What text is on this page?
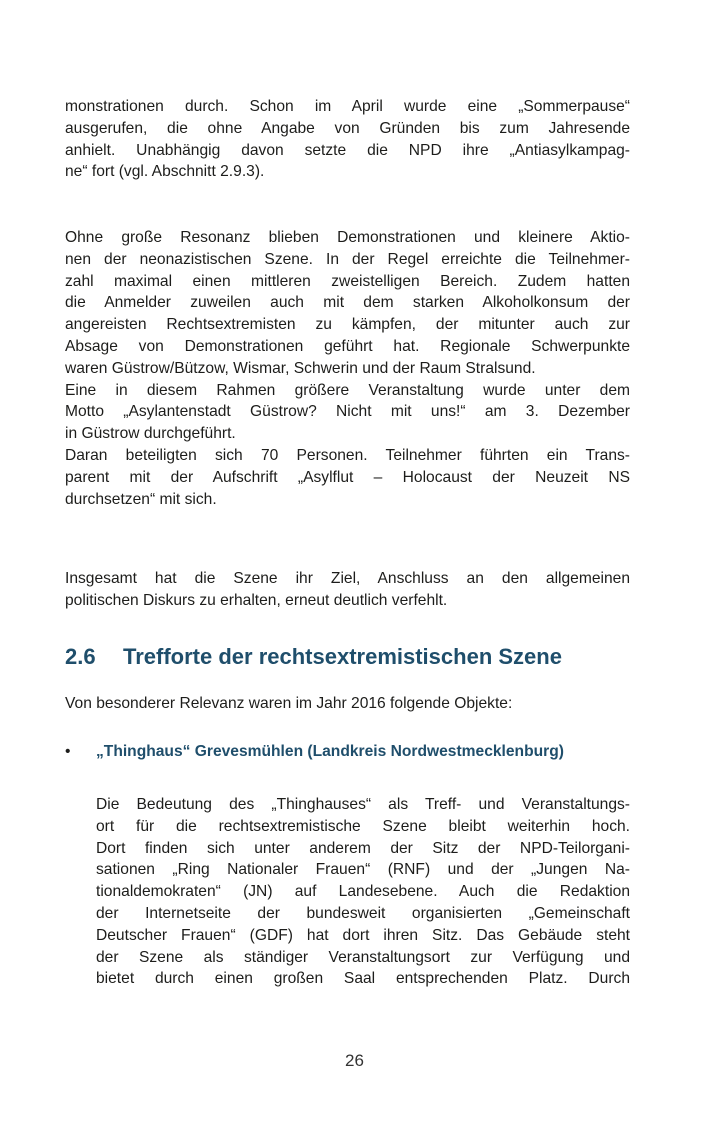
monstrationen durch. Schon im April wurde eine „Sommerpause“
ausgerufen, die ohne Angabe von Gründen bis zum Jahresende
anhielt. Unabhängig davon setzte die NPD ihre „Antiasylkampag-
ne“ fort (vgl. Abschnitt 2.9.3).
Ohne große Resonanz blieben Demonstrationen und kleinere Aktio-
nen der neonazistischen Szene. In der Regel erreichte die Teilnehmer-
zahl maximal einen mittleren zweistelligen Bereich. Zudem hatten
die Anmelder zuweilen auch mit dem starken Alkoholkonsum der
angereisten Rechtsextremisten zu kämpfen, der mitunter auch zur
Absage von Demonstrationen geführt hat. Regionale Schwerpunkte
waren Güstrow/Bützow, Wismar, Schwerin und der Raum Stralsund.
Eine in diesem Rahmen größere Veranstaltung wurde unter dem
Motto „Asylantenstadt Güstrow? Nicht mit uns!“ am 3. Dezember
in Güstrow durchgeführt.
Daran beteiligten sich 70 Personen. Teilnehmer führten ein Trans-
parent mit der Aufschrift „Asylflut – Holocaust der Neuzeit NS
durchsetzen“ mit sich.
Insgesamt hat die Szene ihr Ziel, Anschluss an den allgemeinen
politischen Diskurs zu erhalten, erneut deutlich verfehlt.
2.6 Trefforte der rechtsextremistischen Szene
Von besonderer Relevanz waren im Jahr 2016 folgende Objekte:
• „Thinghaus“ Grevesmühlen (Landkreis Nordwestmecklenburg)
Die Bedeutung des „Thinghauses“ als Treff- und Veranstaltungs-
ort für die rechtsextremistische Szene bleibt weiterhin hoch.
Dort finden sich unter anderem der Sitz der NPD-Teilorgani-
sationen „Ring Nationaler Frauen“ (RNF) und der „Jungen Na-
tionaldemokraten“ (JN) auf Landesebene. Auch die Redaktion
der Internetseite der bundesweit organisierten „Gemeinschaft
Deutscher Frauen“ (GDF) hat dort ihren Sitz. Das Gebäude steht
der Szene als ständiger Veranstaltungsort zur Verfügung und
bietet durch einen großen Saal entsprechenden Platz. Durch
26
